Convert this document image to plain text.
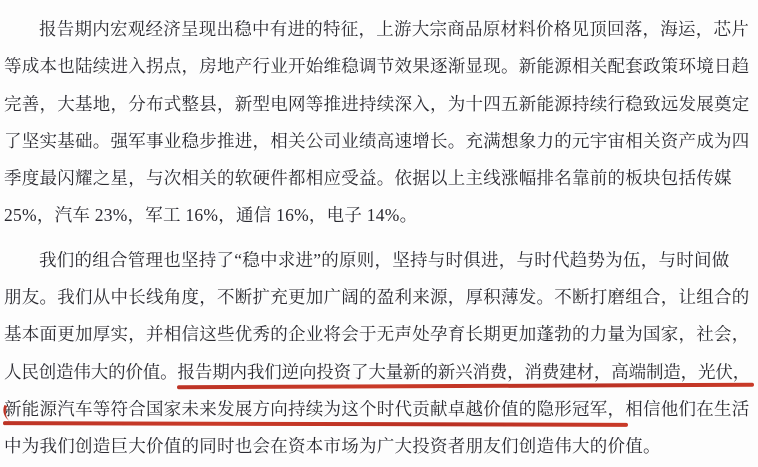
报告期内宏观经济呈现出稳中有进的特征，上游大宗商品原材料价格见顶回落，海运，芯片
等成本也陆续进入拐点，房地产行业开始维稳调节效果逐渐显现。新能源相关配套政策环境日趋
完善，大基地，分布式整县，新型电网等推进持续深入，为十四五新能源持续行稳致远发展奠定
了坚实基础。强军事业稳步推进，相关公司业绩高速增长。充满想象力的元宇宙相关资产成为四
季度最闪耀之星，与次相关的软硬件都相应受益。依据以上主线涨幅排名靠前的板块包括传媒
25%，汽车 23%，军工 16%，通信 16%，电子 14%。
我们的组合管理也坚持了“稳中求进”的原则，坚持与时俱进，与时代趋势为伍，与时间做
朋友。我们从中长线角度，不断扩充更加广阔的盈利来源，厚积薄发。不断打磨组合，让组合的
基本面更加厚实，并相信这些优秀的企业将会于无声处孕育长期更加蓬勃的力量为国家，社会，
人民创造伟大的价值。报告期内我们逆向投资了大量新的新兴消费，消费建材，高端制造，光伏，
新能源汽车等符合国家未来发展方向持续为这个时代贡献卓越价值的隐形冠军，
相信他们在生活
中为我们创造巨大价值的同时也会在资本市场为广大投资者朋友们创造伟大的价值。
